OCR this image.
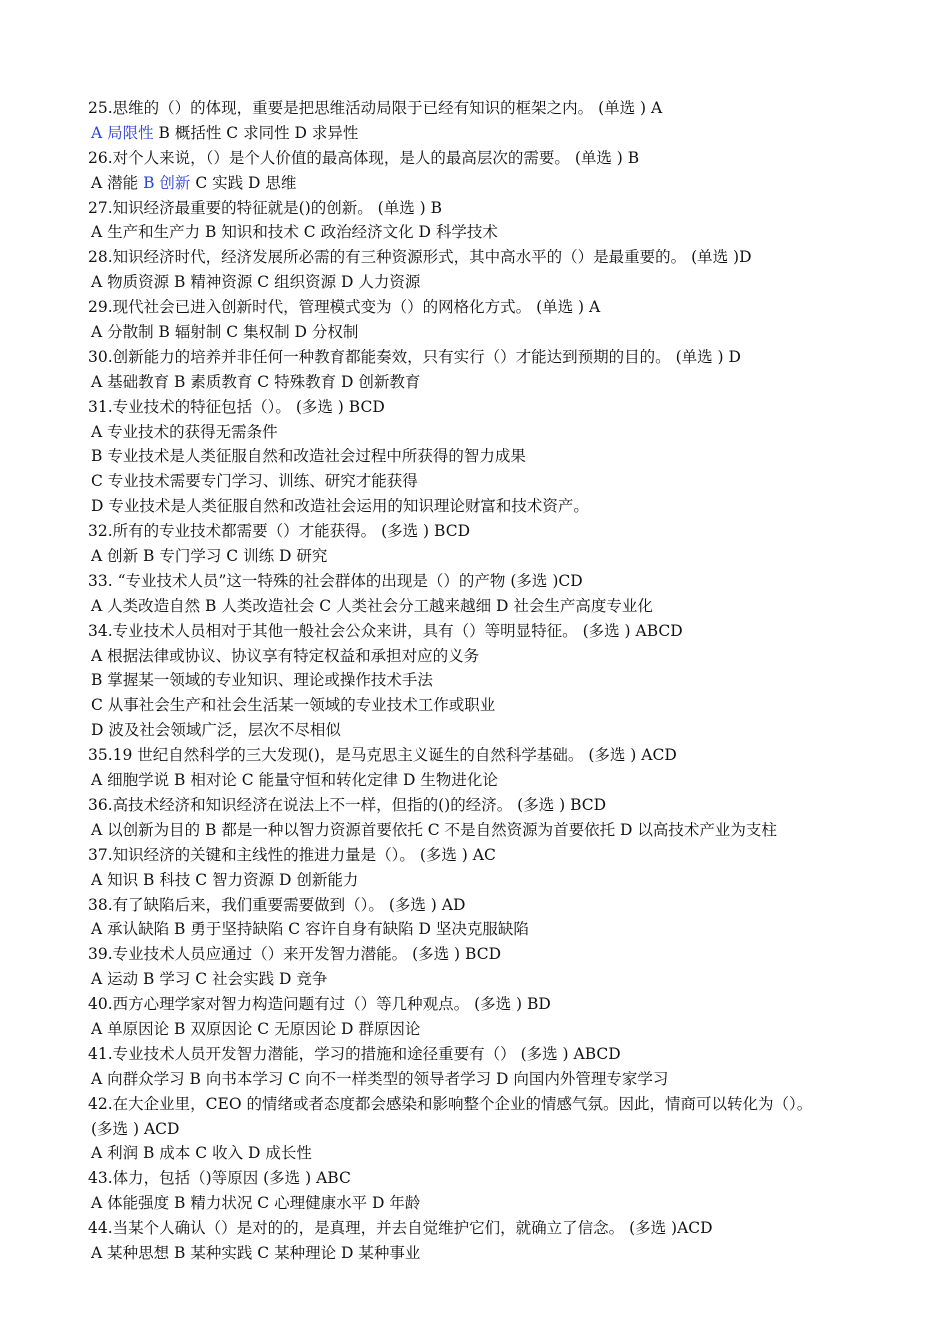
25.思维的（）的体现，重要是把思维活动局限于已经有知识的框架之内。 (单选 ) A
A 局限性 B 概括性 C 求同性 D 求异性
26.对个人来说，（）是个人价值的最高体现，是人的最高层次的需要。 (单选 ) B
A 潜能 B 创新 C 实践 D 思维
27.知识经济最重要的特征就是()的创新。 (单选 ) B
A 生产和生产力 B 知识和技术 C 政治经济文化 D 科学技术
28.知识经济时代，经济发展所必需的有三种资源形式，其中高水平的（）是最重要的。 (单选 )D
A 物质资源 B 精神资源 C 组织资源 D 人力资源
29.现代社会已进入创新时代，管理模式变为（）的网格化方式。 (单选 ) A
A 分散制 B 辐射制 C 集权制 D 分权制
30.创新能力的培养并非任何一种教育都能奏效，只有实行（）才能达到预期的目的。 (单选 ) D
A 基础教育 B 素质教育 C 特殊教育 D 创新教育
31.专业技术的特征包括（）。 (多选 ) BCD
A 专业技术的获得无需条件
B 专业技术是人类征服自然和改造社会过程中所获得的智力成果
C 专业技术需要专门学习、训练、研究才能获得
D 专业技术是人类征服自然和改造社会运用的知识理论财富和技术资产。
32.所有的专业技术都需要（）才能获得。 (多选 ) BCD
A 创新 B 专门学习 C 训练 D 研究
33. “专业技术人员”这一特殊的社会群体的出现是（）的产物 (多选 )CD
A 人类改造自然 B 人类改造社会 C 人类社会分工越来越细 D 社会生产高度专业化
34.专业技术人员相对于其他一般社会公众来讲，具有（）等明显特征。 (多选 ) ABCD
A 根据法律或协议、协议享有特定权益和承担对应的义务
B 掌握某一领域的专业知识、理论或操作技术手法
C 从事社会生产和社会生活某一领域的专业技术工作或职业
D 波及社会领域广泛，层次不尽相似
35.19 世纪自然科学的三大发现()，是马克思主义诞生的自然科学基础。 (多选 ) ACD
A 细胞学说 B 相对论 C 能量守恒和转化定律 D 生物进化论
36.高技术经济和知识经济在说法上不一样，但指的()的经济。 (多选 ) BCD
A 以创新为目的 B 都是一种以智力资源首要依托 C 不是自然资源为首要依托 D 以高技术产业为支柱
37.知识经济的关键和主线性的推进力量是（）。 (多选 ) AC
A 知识 B 科技 C 智力资源 D 创新能力
38.有了缺陷后来，我们重要需要做到（）。 (多选 ) AD
A 承认缺陷 B 勇于坚持缺陷 C 容许自身有缺陷 D 坚决克服缺陷
39.专业技术人员应通过（）来开发智力潜能。 (多选 ) BCD
A 运动 B 学习 C 社会实践 D 竞争
40.西方心理学家对智力构造问题有过（）等几种观点。 (多选 ) BD
A 单原因论 B 双原因论 C 无原因论 D 群原因论
41.专业技术人员开发智力潜能，学习的措施和途径重要有（） (多选 ) ABCD
A 向群众学习 B 向书本学习 C 向不一样类型的领导者学习 D 向国内外管理专家学习
42.在大企业里，CEO 的情绪或者态度都会感染和影响整个企业的情感气氛。因此，情商可以转化为（）。
(多选 ) ACD
A 利润 B 成本 C 收入 D 成长性
43.体力，包括（)等原因 (多选 ) ABC
A 体能强度 B 精力状况 C 心理健康水平 D 年龄
44.当某个人确认（）是对的的，是真理，并去自觉维护它们，就确立了信念。 (多选 )ACD
A 某种思想 B 某种实践 C 某种理论 D 某种事业
